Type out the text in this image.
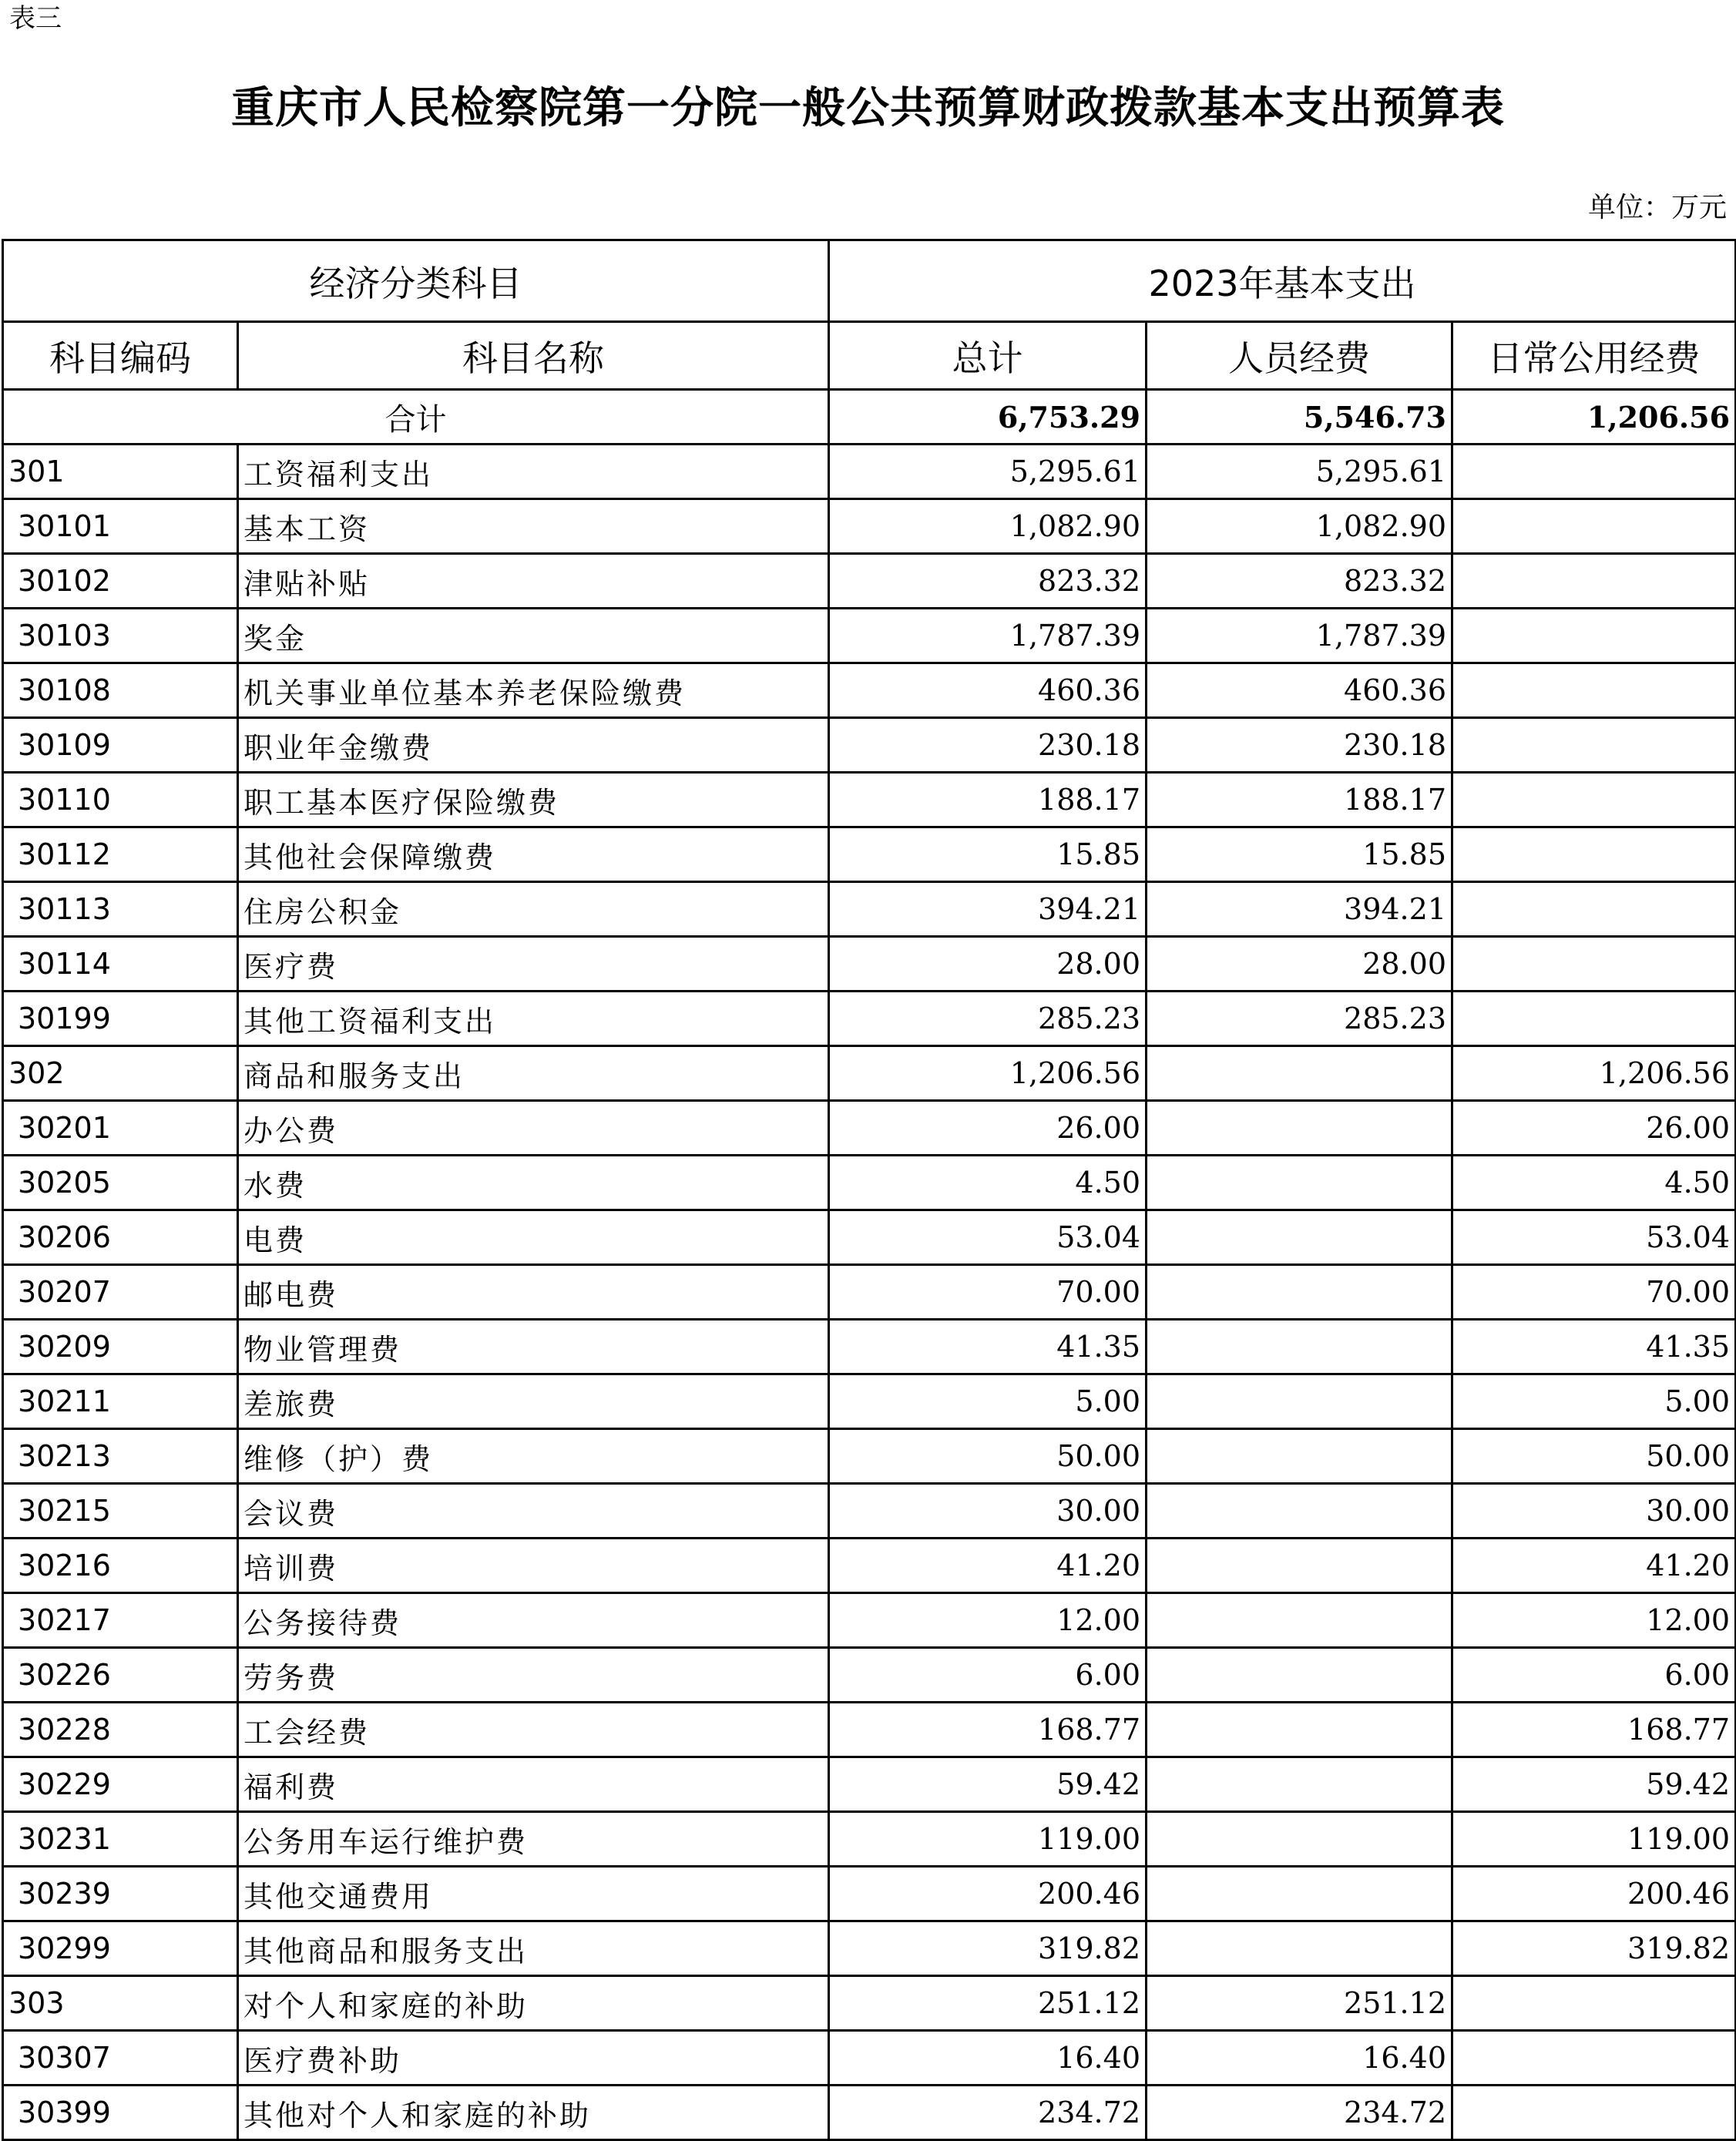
表三
重庆市人民检察院第一分院一般公共预算财政拨款基本支出预算表
单位：万元
经济分类科目		2023年基本支出		
科目编码	科目名称	总计	人员经费	日常公用经费
合计		6,753.29	5,546.73	1,206.56
301	工资福利支出	5,295.61	5,295.61	
30101	基本工资	1,082.90	1,082.90	
30102	津贴补贴	823.32	823.32	
30103	奖金	1,787.39	1,787.39	
30108	机关事业单位基本养老保险缴费	460.36	460.36	
30109	职业年金缴费	230.18	230.18	
30110	职工基本医疗保险缴费	188.17	188.17	
30112	其他社会保障缴费	15.85	15.85	
30113	住房公积金	394.21	394.21	
30114	医疗费	28.00	28.00	
30199	其他工资福利支出	285.23	285.23	
302	商品和服务支出	1,206.56		1,206.56
30201	办公费	26.00		26.00
30205	水费	4.50		4.50
30206	电费	53.04		53.04
30207	邮电费	70.00		70.00
30209	物业管理费	41.35		41.35
30211	差旅费	5.00		5.00
30213	维修（护）费	50.00		50.00
30215	会议费	30.00		30.00
30216	培训费	41.20		41.20
30217	公务接待费	12.00		12.00
30226	劳务费	6.00		6.00
30228	工会经费	168.77		168.77
30229	福利费	59.42		59.42
30231	公务用车运行维护费	119.00		119.00
30239	其他交通费用	200.46		200.46
30299	其他商品和服务支出	319.82		319.82
303	对个人和家庭的补助	251.12	251.12	
30307	医疗费补助	16.40	16.40	
30399	其他对个人和家庭的补助	234.72	234.72	
